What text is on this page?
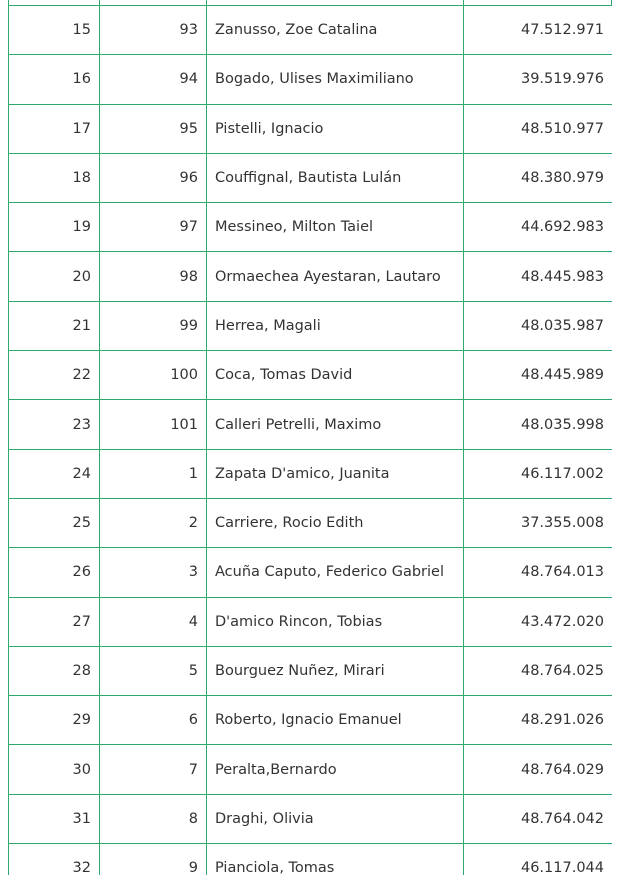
15	93	Zanusso, Zoe Catalina	47.512.971
16	94	Bogado, Ulises Maximiliano	39.519.976
17	95	Pistelli, Ignacio	48.510.977
18	96	Couffignal, Bautista Lulán	48.380.979
19	97	Messineo, Milton Taiel	44.692.983
20	98	Ormaechea Ayestaran, Lautaro	48.445.983
21	99	Herrea, Magali	48.035.987
22	100	Coca, Tomas David	48.445.989
23	101	Calleri Petrelli, Maximo	48.035.998
24	1	Zapata D'amico, Juanita	46.117.002
25	2	Carriere, Rocio Edith	37.355.008
26	3	Acuña Caputo, Federico Gabriel	48.764.013
27	4	D'amico Rincon, Tobias	43.472.020
28	5	Bourguez Nuñez, Mirari	48.764.025
29	6	Roberto, Ignacio Emanuel	48.291.026
30	7	Peralta,Bernardo	48.764.029
31	8	Draghi, Olivia	48.764.042
32	9	Pianciola, Tomas	46.117.044
